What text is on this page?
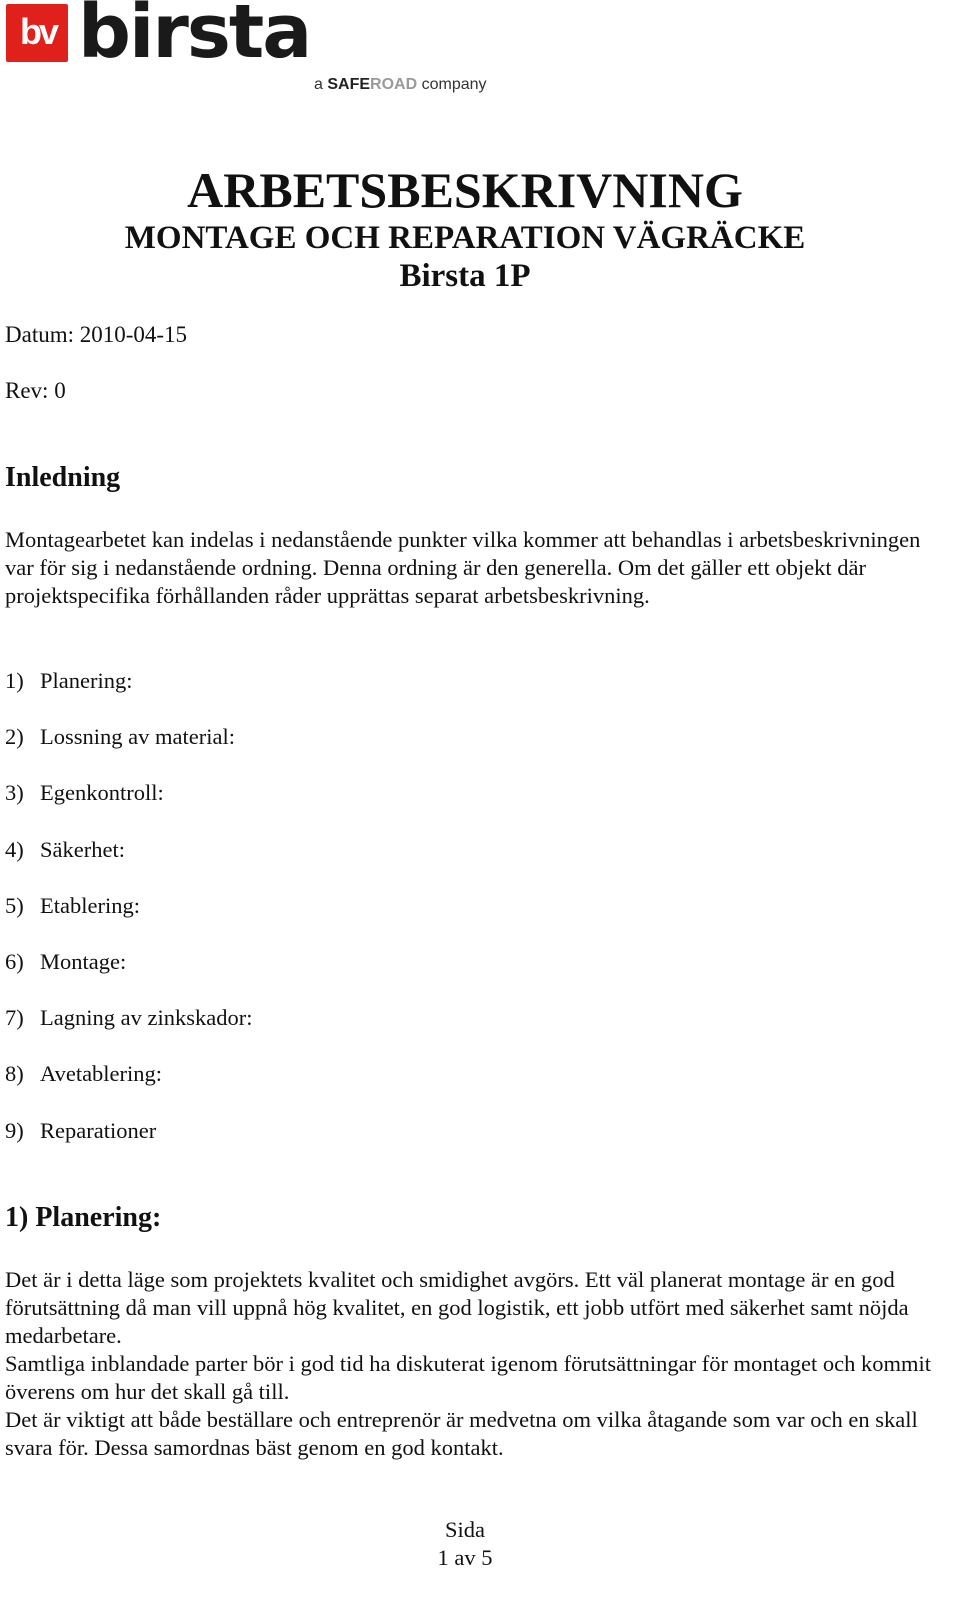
bv birsta
a SAFEROAD company
ARBETSBESKRIVNING
MONTAGE OCH REPARATION VÄGRÄCKE
Birsta 1P
Datum: 2010-04-15
Rev: 0
Inledning

Montagearbetet kan indelas i nedanstående punkter vilka kommer att behandlas i arbetsbeskrivningen var för sig i nedanstående ordning. Denna ordning är den generella. Om det gäller ett objekt där projektspecifika förhållanden råder upprättas separat arbetsbeskrivning.

1) Planering:
2) Lossning av material:
3) Egenkontroll:
4) Säkerhet:
5) Etablering:
6) Montage:
7) Lagning av zinkskador:
8) Avetablering:
9) Reparationer
1) Planering:

Det är i detta läge som projektets kvalitet och smidighet avgörs. Ett väl planerat montage är en god förutsättning då man vill uppnå hög kvalitet, en god logistik, ett jobb utfört med säkerhet samt nöjda medarbetare.

Samtliga inblandade parter bör i god tid ha diskuterat igenom förutsättningar för montaget och kommit överens om hur det skall gå till.

Det är viktigt att både beställare och entreprenör är medvetna om vilka åtagande som var och en skall svara för. Dessa samordnas bäst genom en god kontakt.

Sida
1 av 5
